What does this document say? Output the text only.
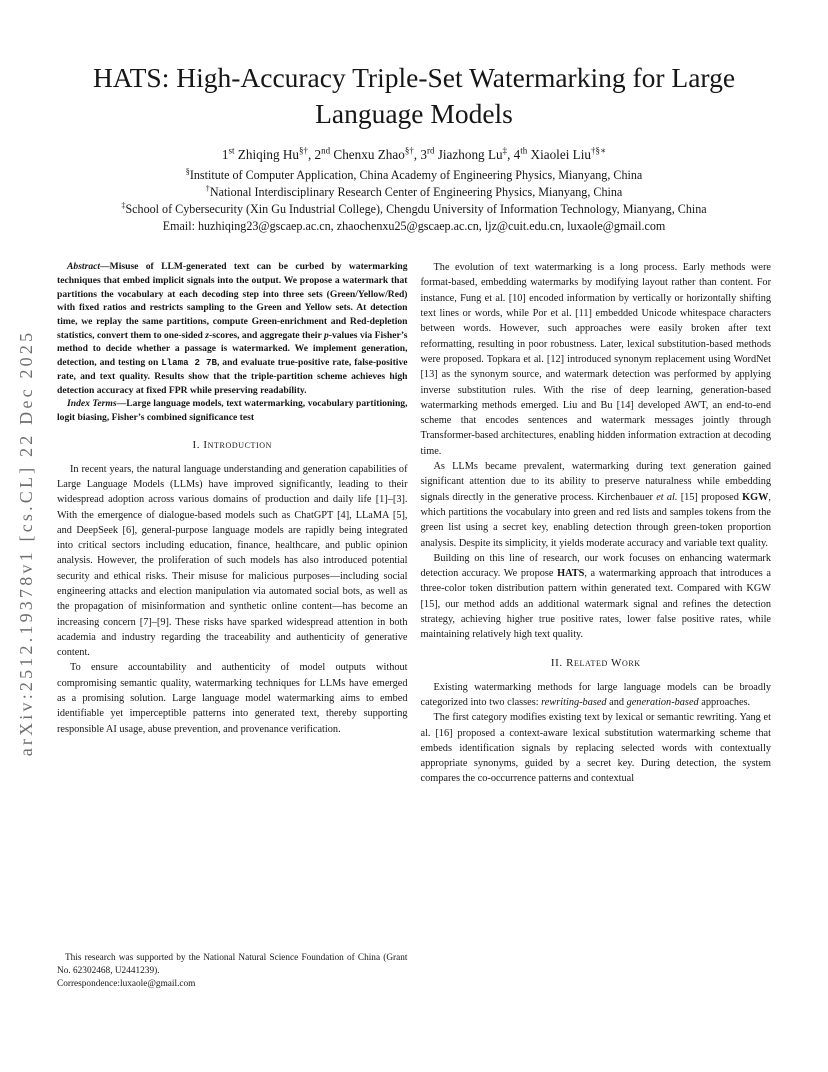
arXiv:2512.19378v1 [cs.CL] 22 Dec 2025
HATS: High-Accuracy Triple-Set Watermarking for Large Language Models
1st Zhiqing Hu§†, 2nd Chenxu Zhao§†, 3rd Jiazhong Lu‡, 4th Xiaolei Liu†§∗
§Institute of Computer Application, China Academy of Engineering Physics, Mianyang, China
†National Interdisciplinary Research Center of Engineering Physics, Mianyang, China
‡School of Cybersecurity (Xin Gu Industrial College), Chengdu University of Information Technology, Mianyang, China
Email: huzhiqing23@gscaep.ac.cn, zhaochenxu25@gscaep.ac.cn, ljz@cuit.edu.cn, luxaole@gmail.com

Abstract—Misuse of LLM-generated text can be curbed by watermarking techniques that embed implicit signals into the output. We propose a watermark that partitions the vocabulary at each decoding step into three sets (Green/Yellow/Red) with fixed ratios and restricts sampling to the Green and Yellow sets. At detection time, we replay the same partitions, compute Green-enrichment and Red-depletion statistics, convert them to one-sided z-scores, and aggregate their p-values via Fisher’s method to decide whether a passage is watermarked. We implement generation, detection, and testing on Llama 2 7B, and evaluate true-positive rate, false-positive rate, and text quality. Results show that the triple-partition scheme achieves high detection accuracy at fixed FPR while preserving readability.

Index Terms—Large language models, text watermarking, vocabulary partitioning, logit biasing, Fisher’s combined significance test

I. Introduction

In recent years, the natural language understanding and generation capabilities of Large Language Models (LLMs) have improved significantly, leading to their widespread adoption across various domains of production and daily life [1]–[3]. With the emergence of dialogue-based models such as ChatGPT [4], LLaMA [5], and DeepSeek [6], general-purpose language models are rapidly being integrated into critical sectors including education, finance, healthcare, and public opinion analysis. However, the proliferation of such models has also introduced potential security and ethical risks. Their misuse for malicious purposes—including social engineering attacks and election manipulation via automated social bots, as well as the propagation of misinformation and synthetic online content—has become an increasing concern [7]–[9]. These risks have sparked widespread attention in both academia and industry regarding the traceability and authenticity of generative content.

To ensure accountability and authenticity of model outputs without compromising semantic quality, watermarking techniques for LLMs have emerged as a promising solution. Large language model watermarking aims to embed identifiable yet imperceptible patterns into generated text, thereby supporting responsible AI usage, abuse prevention, and provenance verification.

This research was supported by the National Natural Science Foundation of China (Grant No. 62302468, U2441239).

Correspondence:luxaole@gmail.com

The evolution of text watermarking is a long process. Early methods were format-based, embedding watermarks by modifying layout rather than content. For instance, Fung et al. [10] encoded information by vertically or horizontally shifting text lines or words, while Por et al. [11] embedded Unicode whitespace characters between words. However, such approaches were easily broken after text reformatting, resulting in poor robustness. Later, lexical substitution-based methods were proposed. Topkara et al. [12] introduced synonym replacement using WordNet [13] as the synonym source, and watermark detection was performed by applying inverse substitution rules. With the rise of deep learning, generation-based watermarking methods emerged. Liu and Bu [14] developed AWT, an end-to-end scheme that encodes sentences and watermark messages jointly through Transformer-based architectures, enabling hidden information extraction at decoding time.

As LLMs became prevalent, watermarking during text generation gained significant attention due to its ability to preserve naturalness while embedding signals directly in the generative process. Kirchenbauer et al. [15] proposed KGW, which partitions the vocabulary into green and red lists and samples tokens from the green list using a secret key, enabling detection through green-token proportion analysis. Despite its simplicity, it yields moderate accuracy and variable text quality.

Building on this line of research, our work focuses on enhancing watermark detection accuracy. We propose HATS, a watermarking approach that introduces a three-color token distribution pattern within generated text. Compared with KGW [15], our method adds an additional watermark signal and refines the detection strategy, achieving higher true positive rates, lower false positive rates, while maintaining relatively high text quality.

II. Related Work

Existing watermarking methods for large language models can be broadly categorized into two classes: rewriting-based and generation-based approaches.

The first category modifies existing text by lexical or semantic rewriting. Yang et al. [16] proposed a context-aware lexical substitution watermarking scheme that embeds identification signals by replacing selected words with contextually appropriate synonyms, guided by a secret key. During detection, the system compares the co-occurrence patterns and contextual
